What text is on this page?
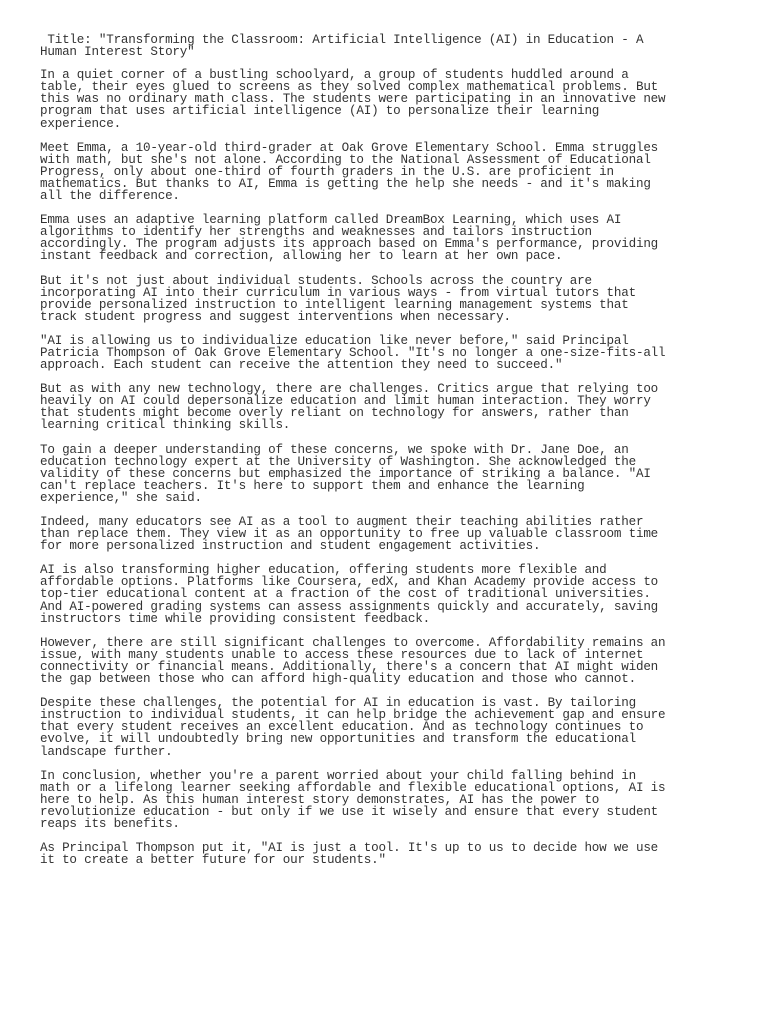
Title: "Transforming the Classroom: Artificial Intelligence (AI) in Education - A
Human Interest Story"

In a quiet corner of a bustling schoolyard, a group of students huddled around a
table, their eyes glued to screens as they solved complex mathematical problems. But
this was no ordinary math class. The students were participating in an innovative new
program that uses artificial intelligence (AI) to personalize their learning
experience.

Meet Emma, a 10-year-old third-grader at Oak Grove Elementary School. Emma struggles
with math, but she's not alone. According to the National Assessment of Educational
Progress, only about one-third of fourth graders in the U.S. are proficient in
mathematics. But thanks to AI, Emma is getting the help she needs - and it's making
all the difference.

Emma uses an adaptive learning platform called DreamBox Learning, which uses AI
algorithms to identify her strengths and weaknesses and tailors instruction
accordingly. The program adjusts its approach based on Emma's performance, providing
instant feedback and correction, allowing her to learn at her own pace.

But it's not just about individual students. Schools across the country are
incorporating AI into their curriculum in various ways - from virtual tutors that
provide personalized instruction to intelligent learning management systems that
track student progress and suggest interventions when necessary.

"AI is allowing us to individualize education like never before," said Principal
Patricia Thompson of Oak Grove Elementary School. "It's no longer a one-size-fits-all
approach. Each student can receive the attention they need to succeed."

But as with any new technology, there are challenges. Critics argue that relying too
heavily on AI could depersonalize education and limit human interaction. They worry
that students might become overly reliant on technology for answers, rather than
learning critical thinking skills.

To gain a deeper understanding of these concerns, we spoke with Dr. Jane Doe, an
education technology expert at the University of Washington. She acknowledged the
validity of these concerns but emphasized the importance of striking a balance. "AI
can't replace teachers. It's here to support them and enhance the learning
experience," she said.

Indeed, many educators see AI as a tool to augment their teaching abilities rather
than replace them. They view it as an opportunity to free up valuable classroom time
for more personalized instruction and student engagement activities.

AI is also transforming higher education, offering students more flexible and
affordable options. Platforms like Coursera, edX, and Khan Academy provide access to
top-tier educational content at a fraction of the cost of traditional universities.
And AI-powered grading systems can assess assignments quickly and accurately, saving
instructors time while providing consistent feedback.

However, there are still significant challenges to overcome. Affordability remains an
issue, with many students unable to access these resources due to lack of internet
connectivity or financial means. Additionally, there's a concern that AI might widen
the gap between those who can afford high-quality education and those who cannot.

Despite these challenges, the potential for AI in education is vast. By tailoring
instruction to individual students, it can help bridge the achievement gap and ensure
that every student receives an excellent education. And as technology continues to
evolve, it will undoubtedly bring new opportunities and transform the educational
landscape further.

In conclusion, whether you're a parent worried about your child falling behind in
math or a lifelong learner seeking affordable and flexible educational options, AI is
here to help. As this human interest story demonstrates, AI has the power to
revolutionize education - but only if we use it wisely and ensure that every student
reaps its benefits.

As Principal Thompson put it, "AI is just a tool. It's up to us to decide how we use
it to create a better future for our students."
